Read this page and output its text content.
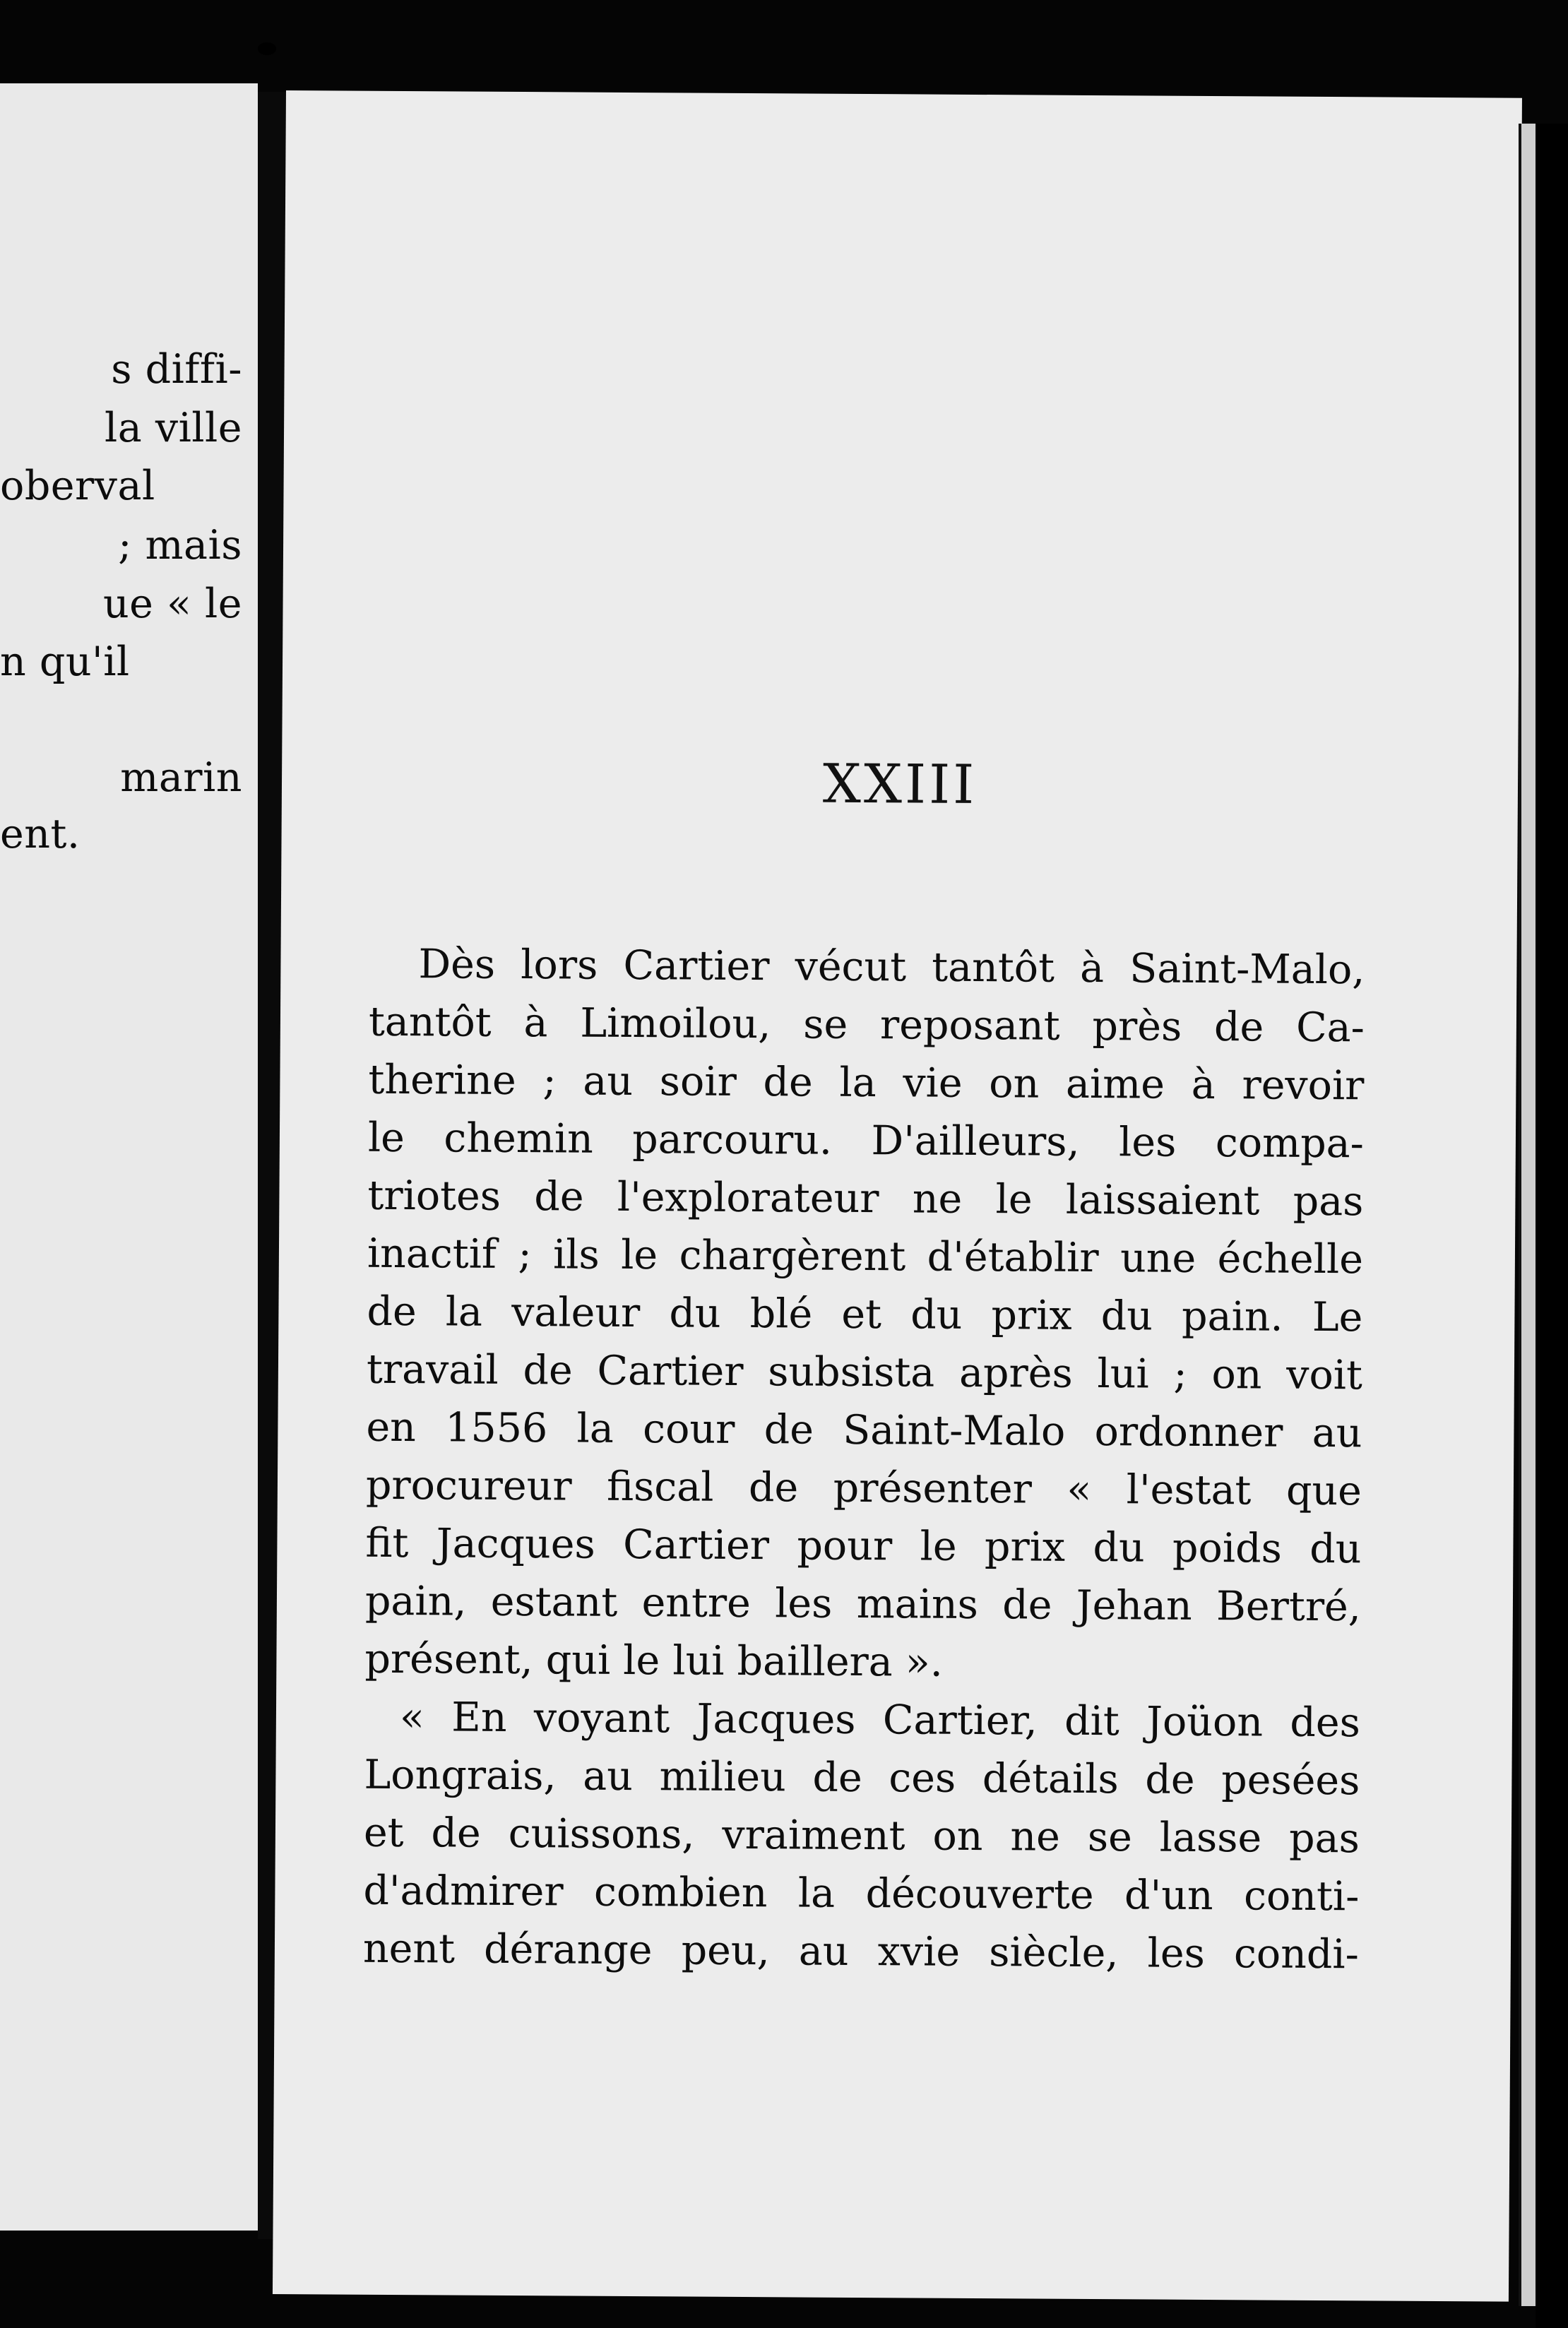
s diffi-
la ville
oberval
; mais
ue « le
n qu'il
marin
ent.
XXIII
Dès lors Cartier vécut tantôt à Saint-Malo,
tantôt à Limoilou, se reposant près de Ca-
therine ; au soir de la vie on aime à revoir
le chemin parcouru. D'ailleurs, les compa-
triotes de l'explorateur ne le laissaient pas
inactif ; ils le chargèrent d'établir une échelle
de la valeur du blé et du prix du pain. Le
travail de Cartier subsista après lui ; on voit
en 1556 la cour de Saint-Malo ordonner au
procureur fiscal de présenter « l'estat que
fit Jacques Cartier pour le prix du poids du
pain, estant entre les mains de Jehan Bertré,
présent, qui le lui baillera ».
« En voyant Jacques Cartier, dit Joüon des
Longrais, au milieu de ces détails de pesées
et de cuissons, vraiment on ne se lasse pas
d'admirer combien la découverte d'un conti-
nent dérange peu, au xvie siècle, les condi-
